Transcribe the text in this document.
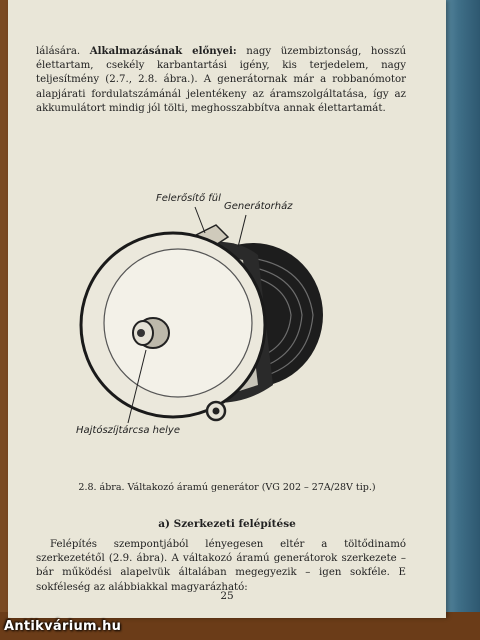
lálására. Alkalmazásának előnyei: nagy üzembiztonság, hosszú élettartam, csekély karbantartási igény, kis terjedelem, nagy teljesítmény (2.7., 2.8. ábra.). A generátornak már a robbanómotor alapjárati fordulatszámánál jelentékeny az áramszolgáltatása, így az akkumulátort mindig jól tölti, meghosszabbítva annak élettartamát.
Felerősítő fül
Generátorház
Hajtószíjtárcsa helye
2.8. ábra. Váltakozó áramú generátor (VG 202 – 27A/28V tip.)
a) Szerkezeti felépítése
Felépítés szempontjából lényegesen eltér a töltődinamó szerkezetétől (2.9. ábra). A váltakozó áramú generátorok szerkezete – bár működési alapelvük általában megegyezik – igen sokféle. E sokféleség az alábbiakkal magyarázható:
25
Antikvárium.hu
